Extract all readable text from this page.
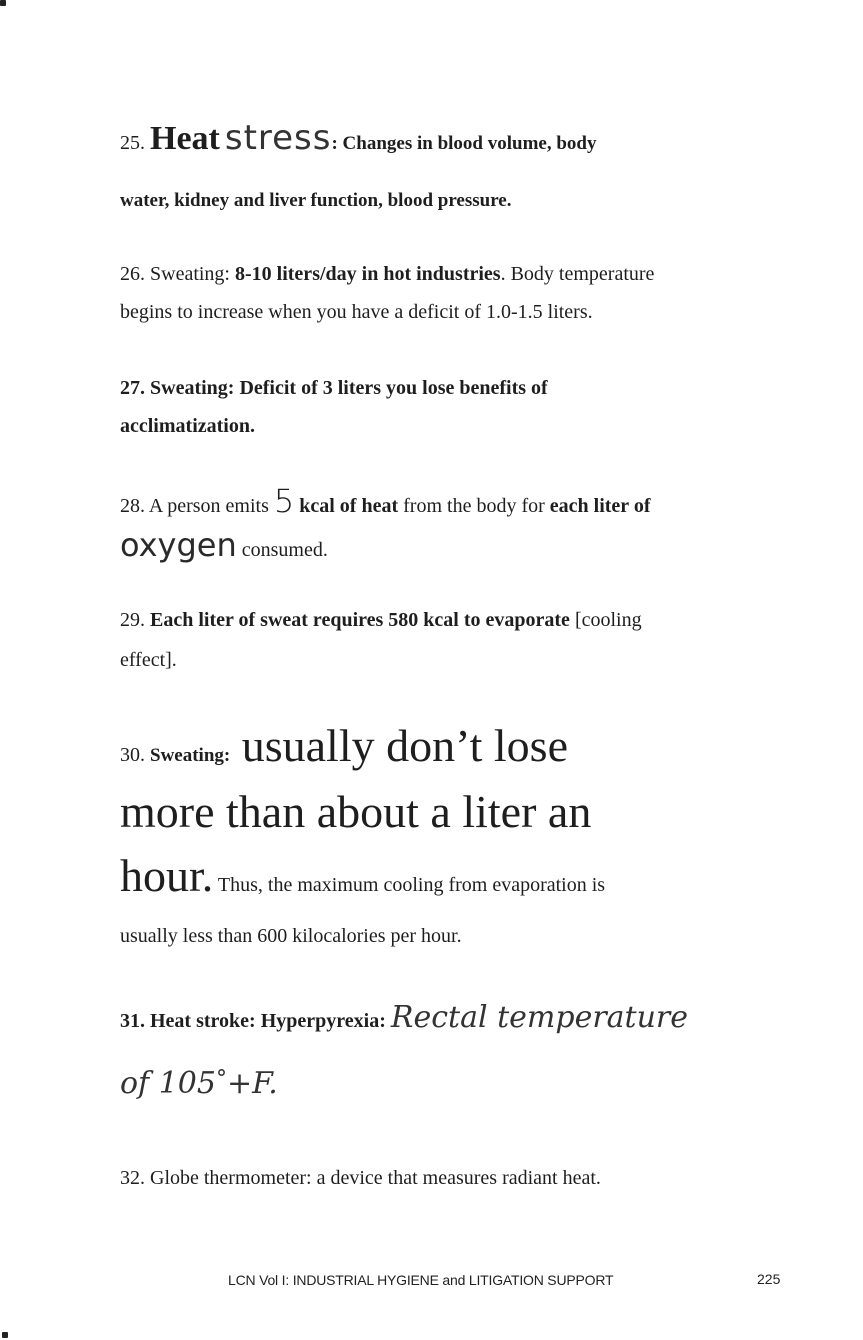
25. Heat stress: Changes in blood volume, body
water, kidney and liver function, blood pressure.
26. Sweating: 8-10 liters/day in hot industries. Body temperature
begins to increase when you have a deficit of 1.0-1.5 liters.
27. Sweating: Deficit of 3 liters you lose benefits of
acclimatization.
28. A person emits 5 kcal of heat from the body for each liter of
oxygen consumed.
29. Each liter of sweat requires 580 kcal to evaporate [cooling
effect].
30. Sweating: usually don’t lose
more than about a liter an
hour. Thus, the maximum cooling from evaporation is
usually less than 600 kilocalories per hour.
31. Heat stroke: Hyperpyrexia: Rectal temperature
of 105°+F.
32. Globe thermometer: a device that measures radiant heat.
LCN Vol I: INDUSTRIAL HYGIENE and LITIGATION SUPPORT	225
